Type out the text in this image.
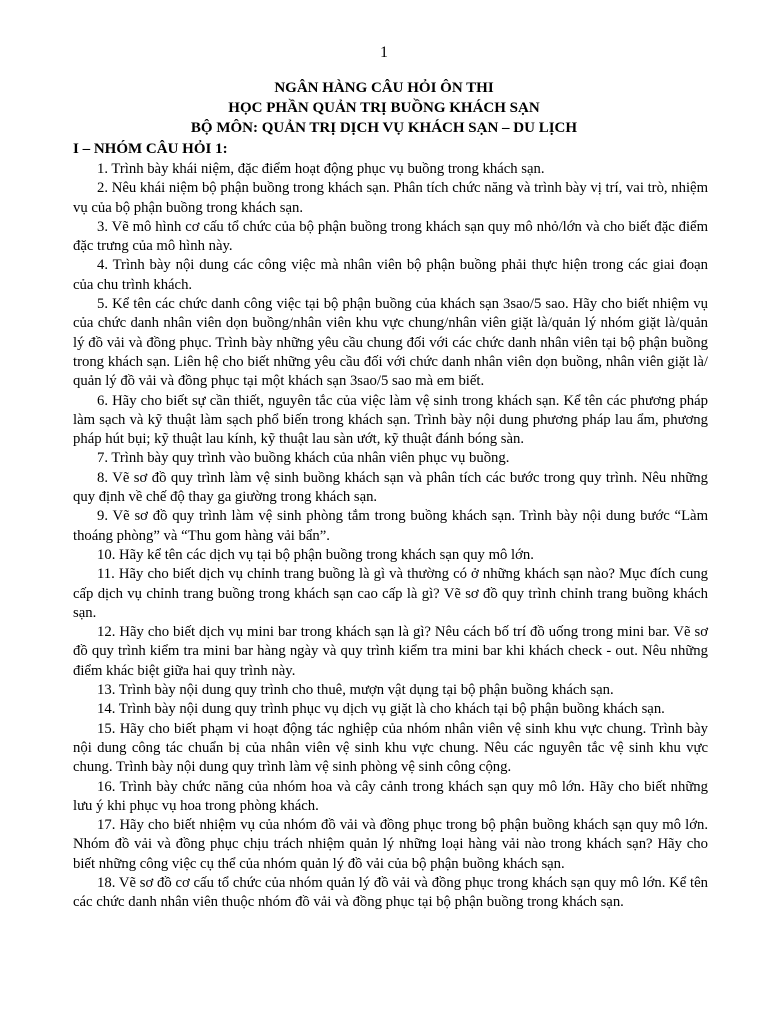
1
NGÂN HÀNG CÂU HỎI ÔN THI
HỌC PHẦN QUẢN TRỊ BUỒNG KHÁCH SẠN
BỘ MÔN: QUẢN TRỊ DỊCH VỤ KHÁCH SẠN – DU LỊCH
I – NHÓM CÂU HỎI 1:

1. Trình bày khái niệm, đặc điểm hoạt động phục vụ buồng trong khách sạn.

2. Nêu khái niệm bộ phận buồng trong khách sạn. Phân tích chức năng và trình bày vị trí, vai trò, nhiệm vụ của bộ phận buồng trong khách sạn.

3. Vẽ mô hình cơ cấu tổ chức của bộ phận buồng trong khách sạn quy mô nhỏ/lớn và cho biết đặc điểm đặc trưng của mô hình này.

4. Trình bày nội dung các công việc mà nhân viên bộ phận buồng phải thực hiện trong các giai đoạn của chu trình khách.

5. Kể tên các chức danh công việc tại bộ phận buồng của khách sạn 3sao/5 sao. Hãy cho biết nhiệm vụ của chức danh nhân viên dọn buồng/nhân viên khu vực chung/nhân viên giặt là/quản lý nhóm giặt là/quản lý đồ vải và đồng phục. Trình bày những yêu cầu chung đối với các chức danh nhân viên tại bộ phận buồng trong khách sạn. Liên hệ cho biết những yêu cầu đối với chức danh nhân viên dọn buồng, nhân viên giặt là/ quản lý đồ vải và đồng phục tại một khách sạn 3sao/5 sao mà em biết.

6. Hãy cho biết sự cần thiết, nguyên tắc của việc làm vệ sinh trong khách sạn. Kể tên các phương pháp làm sạch và kỹ thuật làm sạch phổ biến trong khách sạn. Trình bày nội dung phương pháp lau ẩm, phương pháp hút bụi; kỹ thuật lau kính, kỹ thuật lau sàn ướt, kỹ thuật đánh bóng sàn.

7. Trình bày quy trình vào buồng khách của nhân viên phục vụ buồng.

8. Vẽ sơ đồ quy trình làm vệ sinh buồng khách sạn và phân tích các bước trong quy trình. Nêu những quy định về chế độ thay ga giường trong khách sạn.

9. Vẽ sơ đồ quy trình làm vệ sinh phòng tắm trong buồng khách sạn. Trình bày nội dung bước “Làm thoáng phòng” và “Thu gom hàng vải bẩn”.

10. Hãy kể tên các dịch vụ tại bộ phận buồng trong khách sạn quy mô lớn.

11. Hãy cho biết dịch vụ chỉnh trang buồng là gì và thường có ở những khách sạn nào? Mục đích cung cấp dịch vụ chỉnh trang buồng trong khách sạn cao cấp là gì? Vẽ sơ đồ quy trình chỉnh trang buồng khách sạn.

12. Hãy cho biết dịch vụ mini bar trong khách sạn là gì? Nêu cách bố trí đồ uống trong mini bar. Vẽ sơ đồ quy trình kiểm tra mini bar hàng ngày và quy trình kiểm tra mini bar khi khách check - out. Nêu những điểm khác biệt giữa hai quy trình này.

13. Trình bày nội dung quy trình cho thuê, mượn vật dụng tại bộ phận buồng khách sạn.

14. Trình bày nội dung quy trình phục vụ dịch vụ giặt là cho khách tại bộ phận buồng khách sạn.

15. Hãy cho biết phạm vi hoạt động tác nghiệp của nhóm nhân viên vệ sinh khu vực chung. Trình bày nội dung công tác chuẩn bị của nhân viên vệ sinh khu vực chung. Nêu các nguyên tắc vệ sinh khu vực chung. Trình bày nội dung quy trình làm vệ sinh phòng vệ sinh công cộng.

16. Trình bày chức năng của nhóm hoa và cây cảnh trong khách sạn quy mô lớn. Hãy cho biết những lưu ý khi phục vụ hoa trong phòng khách.

17. Hãy cho biết nhiệm vụ của nhóm đồ vải và đồng phục trong bộ phận buồng khách sạn quy mô lớn. Nhóm đồ vải và đồng phục chịu trách nhiệm quản lý những loại hàng vải nào trong khách sạn? Hãy cho biết những công việc cụ thể của nhóm quản lý đồ vải của bộ phận buồng khách sạn.

18. Vẽ sơ đồ cơ cấu tổ chức của nhóm quản lý đồ vải và đồng phục trong khách sạn quy mô lớn. Kể tên các chức danh nhân viên thuộc nhóm đồ vải và đồng phục tại bộ phận buồng trong khách sạn.
